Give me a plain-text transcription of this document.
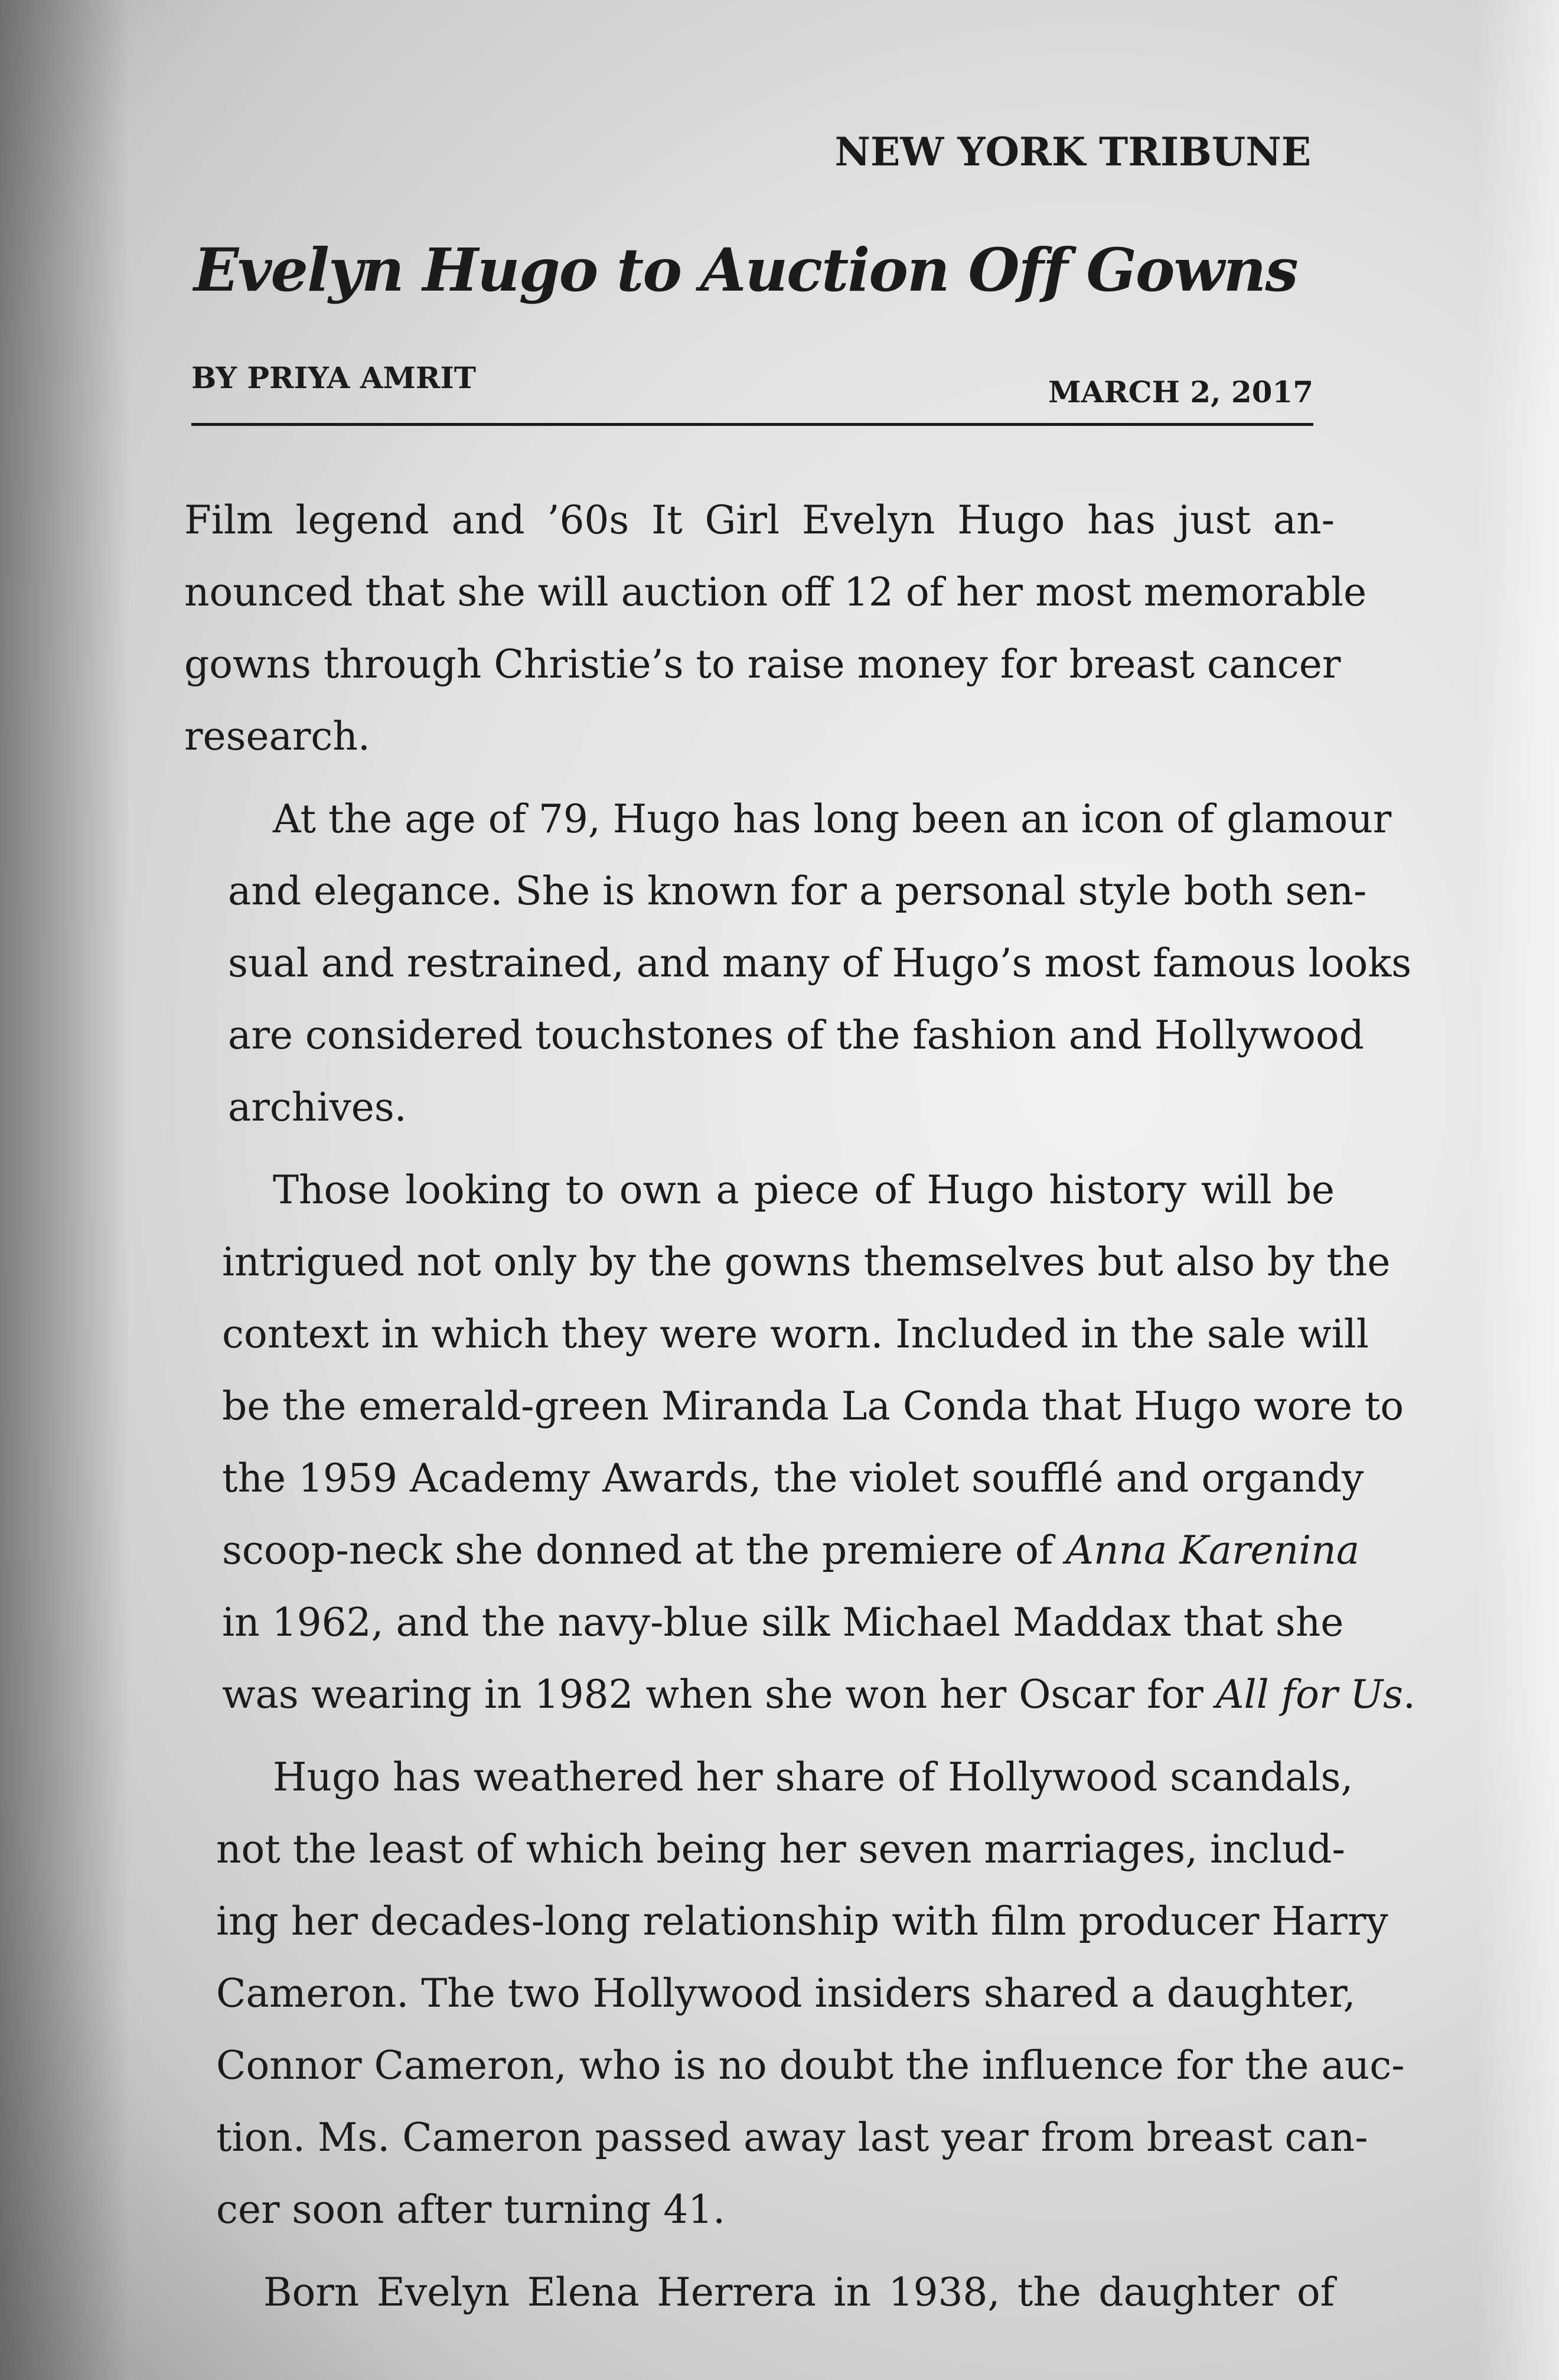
NEW YORK TRIBUNE
Evelyn Hugo to Auction Off Gowns
BY PRIYA AMRIT	MARCH 2, 2017

Film legend and ’60s It Girl Evelyn Hugo has just an-
nounced that she will auction off 12 of her most memorable
gowns through Christie’s to raise money for breast cancer
research.

At the age of 79, Hugo has long been an icon of glamour
and elegance. She is known for a personal style both sen-
sual and restrained, and many of Hugo’s most famous looks
are considered touchstones of the fashion and Hollywood
archives.

Those looking to own a piece of Hugo history will be
intrigued not only by the gowns themselves but also by the
context in which they were worn. Included in the sale will
be the emerald-green Miranda La Conda that Hugo wore to
the 1959 Academy Awards, the violet soufflé and organdy
scoop-neck she donned at the premiere of Anna Karenina
in 1962, and the navy-blue silk Michael Maddax that she
was wearing in 1982 when she won her Oscar for All for Us.

Hugo has weathered her share of Hollywood scandals,
not the least of which being her seven marriages, includ-
ing her decades-long relationship with film producer Harry
Cameron. The two Hollywood insiders shared a daughter,
Connor Cameron, who is no doubt the influence for the auc-
tion. Ms. Cameron passed away last year from breast can-
cer soon after turning 41.

Born Evelyn Elena Herrera in 1938, the daughter of
